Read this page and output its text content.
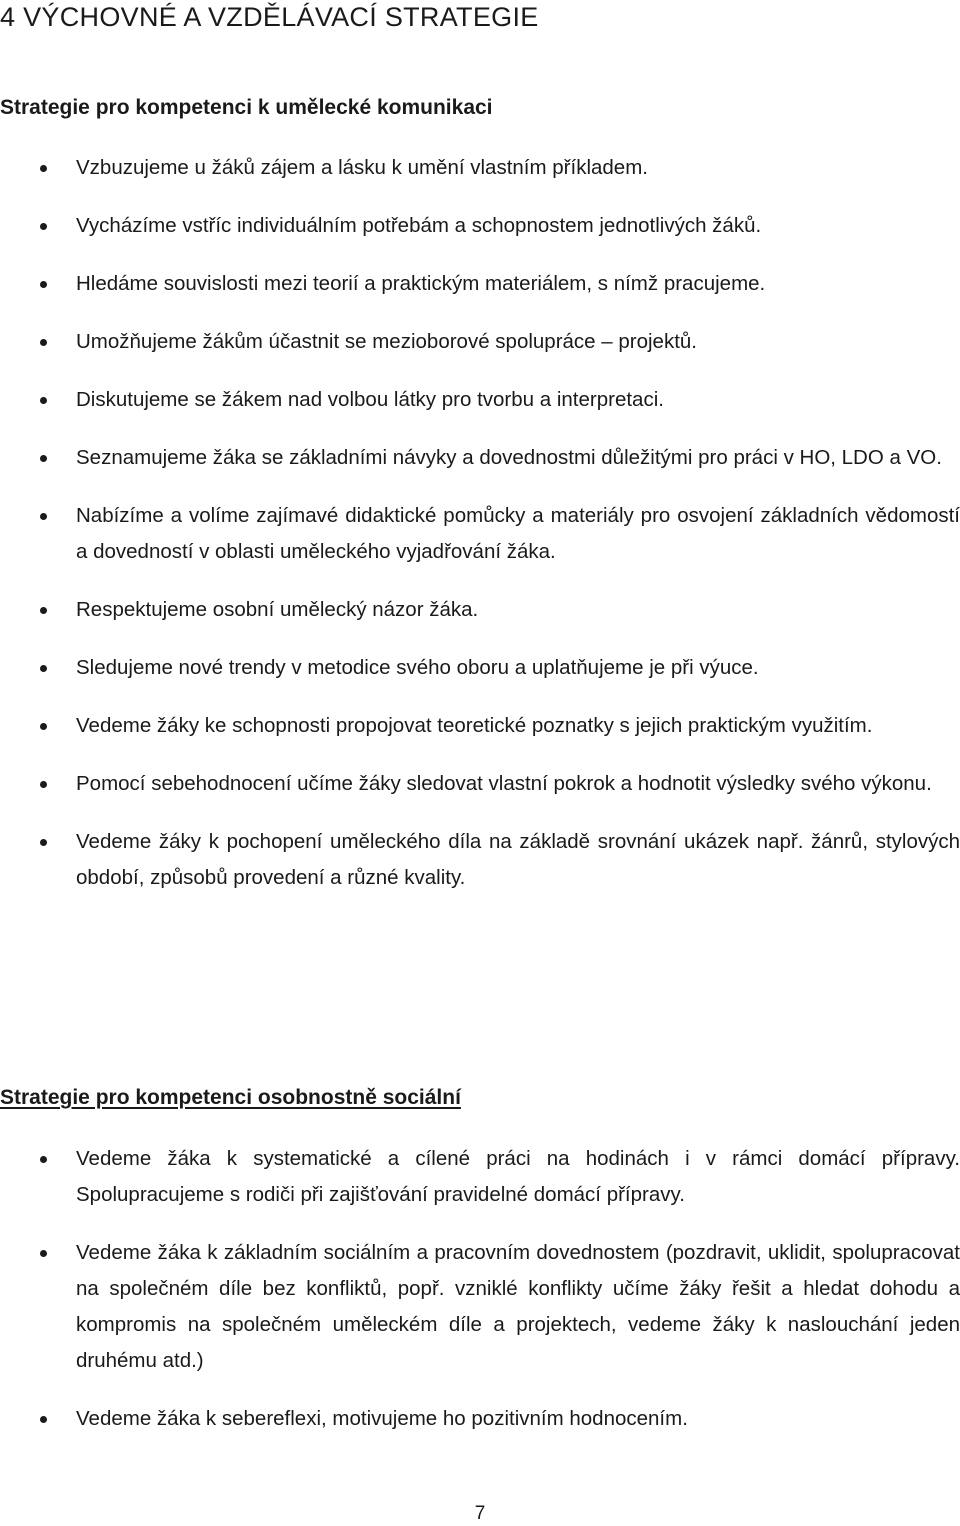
4 VÝCHOVNÉ A VZDĚLÁVACÍ STRATEGIE
Strategie pro kompetenci k umělecké komunikaci
Vzbuzujeme u žáků zájem a lásku k umění vlastním příkladem.
Vycházíme vstříc individuálním potřebám a schopnostem jednotlivých žáků.
Hledáme souvislosti mezi teorií a praktickým materiálem, s nímž pracujeme.
Umožňujeme žákům účastnit se mezioborové spolupráce – projektů.
Diskutujeme se žákem nad volbou látky pro tvorbu a interpretaci.
Seznamujeme žáka se základními návyky a dovednostmi důležitými pro práci v HO, LDO a VO.
Nabízíme a volíme zajímavé didaktické pomůcky a materiály pro osvojení základních vědomostí a dovedností v oblasti uměleckého vyjadřování žáka.
Respektujeme osobní umělecký názor žáka.
Sledujeme nové trendy v metodice svého oboru a uplatňujeme je při výuce.
Vedeme žáky ke schopnosti propojovat teoretické poznatky s jejich praktickým využitím.
Pomocí sebehodnocení učíme žáky sledovat vlastní pokrok a hodnotit výsledky svého výkonu.
Vedeme žáky k pochopení uměleckého díla na základě srovnání ukázek např. žánrů, stylových období, způsobů provedení a různé kvality.
Strategie pro kompetenci osobnostně sociální
Vedeme žáka k systematické a cílené práci na hodinách i v rámci domácí přípravy. Spolupracujeme s rodiči při zajišťování pravidelné domácí přípravy.
Vedeme žáka k základním sociálním a pracovním dovednostem (pozdravit, uklidit, spolupracovat na společném díle bez konfliktů, popř. vzniklé konflikty učíme žáky řešit a hledat dohodu a kompromis na společném uměleckém díle a projektech, vedeme žáky k naslouchání jeden druhému atd.)
Vedeme žáka k sebereflexi, motivujeme ho pozitivním hodnocením.
7
